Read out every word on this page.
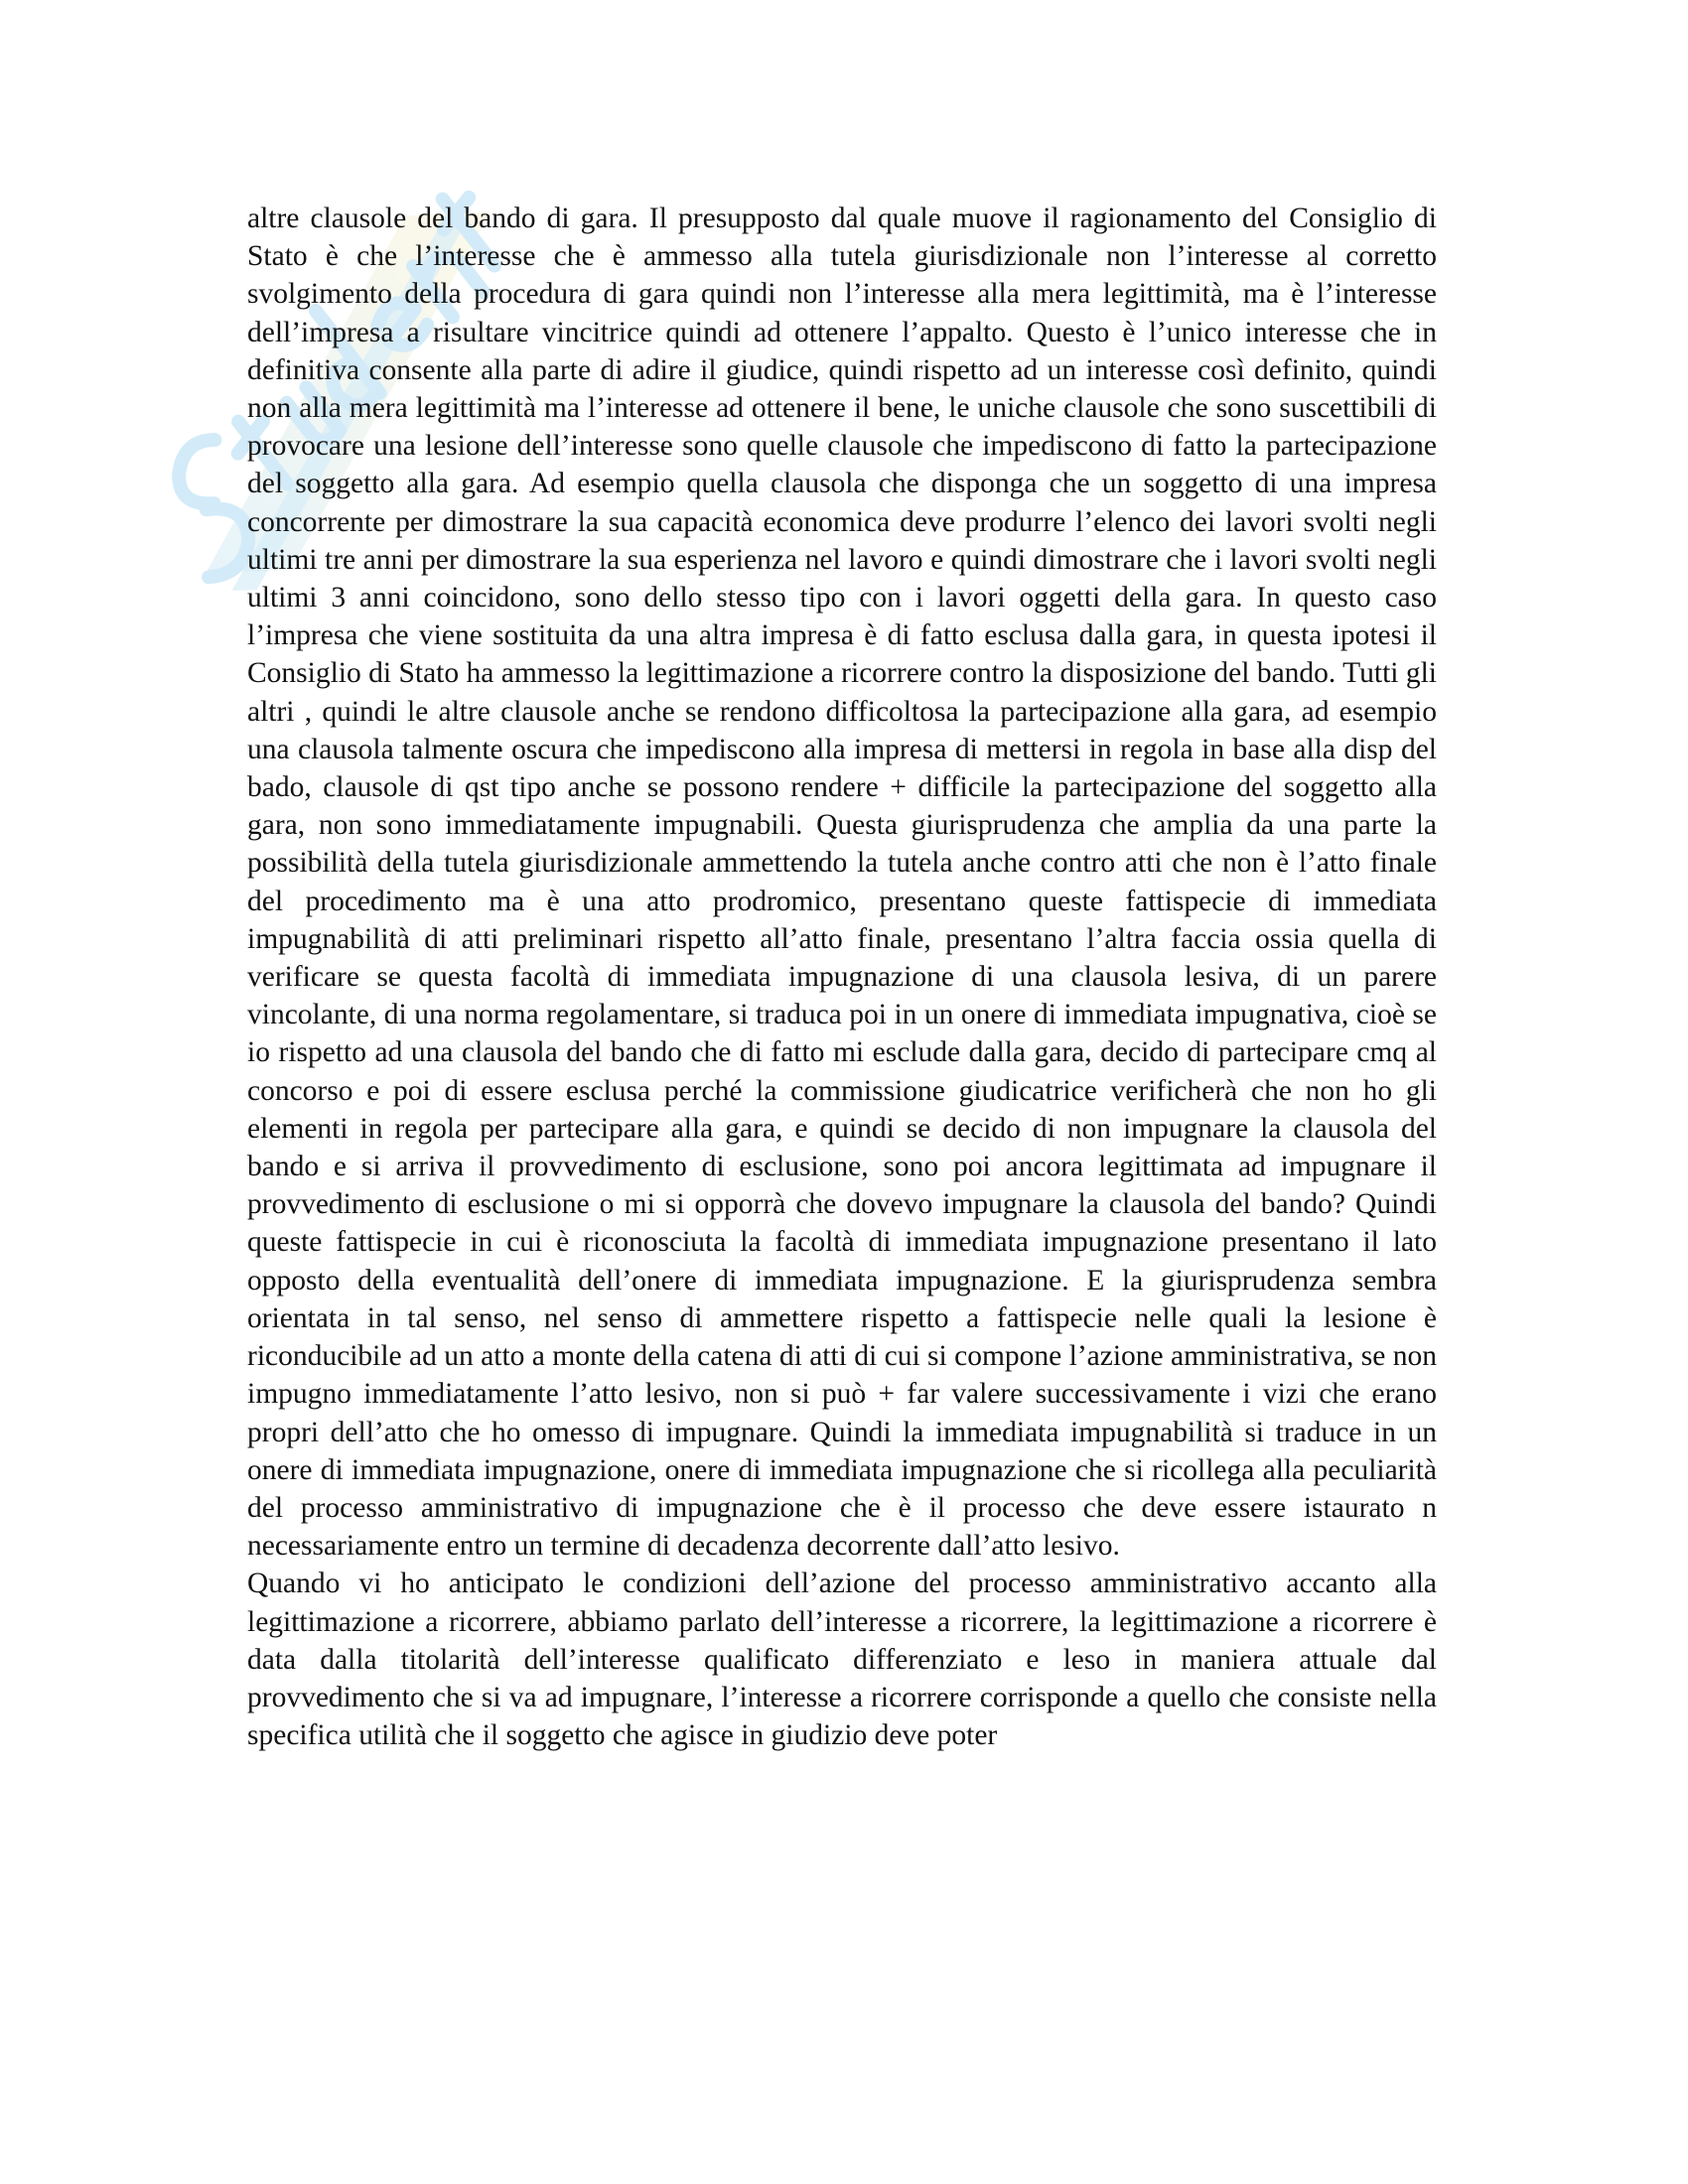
altre clausole del bando di gara. Il presupposto dal quale muove il ragionamento del Consiglio di Stato è che l’interesse che è ammesso alla tutela giurisdizionale non l’interesse al corretto svolgimento della procedura di gara quindi non l’interesse alla mera legittimità, ma è l’interesse dell’impresa a risultare vincitrice quindi ad ottenere l’appalto. Questo è l’unico interesse che in definitiva consente alla parte di adire il giudice, quindi rispetto ad un interesse così definito, quindi non alla mera legittimità ma l’interesse ad ottenere il bene, le uniche clausole che sono suscettibili di provocare una lesione dell’interesse sono quelle clausole che impediscono di fatto la partecipazione del soggetto alla gara. Ad esempio quella clausola che disponga che un soggetto di una impresa concorrente per dimostrare la sua capacità economica deve produrre l’elenco dei lavori svolti negli ultimi tre anni per dimostrare la sua esperienza nel lavoro e quindi dimostrare che i lavori svolti negli ultimi 3 anni coincidono, sono dello stesso tipo con i lavori oggetti della gara. In questo caso l’impresa che viene sostituita da una altra impresa è di fatto esclusa dalla gara, in questa ipotesi il Consiglio di Stato ha ammesso la legittimazione a ricorrere contro la disposizione del bando. Tutti gli altri , quindi le altre clausole anche se rendono difficoltosa la partecipazione alla gara, ad esempio una clausola talmente oscura che impediscono alla impresa di mettersi in regola in base alla disp del bado, clausole di qst tipo anche se possono rendere + difficile la partecipazione del soggetto alla gara, non sono immediatamente impugnabili. Questa giurisprudenza che amplia da una parte la possibilità della tutela giurisdizionale ammettendo la tutela anche contro atti che non è l’atto finale del procedimento ma è una atto prodromico, presentano queste fattispecie di immediata impugnabilità di atti preliminari rispetto all’atto finale, presentano l’altra faccia ossia quella di verificare se questa facoltà di immediata impugnazione di una clausola lesiva, di un parere vincolante, di una norma regolamentare, si traduca poi in un onere di immediata impugnativa, cioè se io rispetto ad una clausola del bando che di fatto mi esclude dalla gara, decido di partecipare cmq al concorso e poi di essere esclusa perché la commissione giudicatrice verificherà che non ho gli elementi in regola per partecipare alla gara, e quindi se decido di non impugnare la clausola del bando e si arriva il provvedimento di esclusione, sono poi ancora legittimata ad impugnare il provvedimento di esclusione o mi si opporrà che dovevo impugnare la clausola del bando? Quindi queste fattispecie in cui è riconosciuta la facoltà di immediata impugnazione presentano il lato opposto della eventualità dell’onere di immediata impugnazione. E la giurisprudenza sembra orientata in tal senso, nel senso di ammettere rispetto a fattispecie nelle quali la lesione è riconducibile ad un atto a monte della catena di atti di cui si compone l’azione amministrativa, se non impugno immediatamente l’atto lesivo, non si può + far valere successivamente i vizi che erano propri dell’atto che ho omesso di impugnare. Quindi la immediata impugnabilità si traduce in un onere di immediata impugnazione, onere di immediata impugnazione che si ricollega alla peculiarità del processo amministrativo di impugnazione che è il processo che deve essere istaurato n necessariamente entro un termine di decadenza decorrente dall’atto lesivo.

Quando vi ho anticipato le condizioni dell’azione del processo amministrativo accanto alla legittimazione a ricorrere, abbiamo parlato dell’interesse a ricorrere, la legittimazione a ricorrere è data dalla titolarità dell’interesse qualificato differenziato e leso in maniera attuale dal provvedimento che si va ad impugnare, l’interesse a ricorrere corrisponde a quello che consiste nella specifica utilità che il soggetto che agisce in giudizio deve poter
